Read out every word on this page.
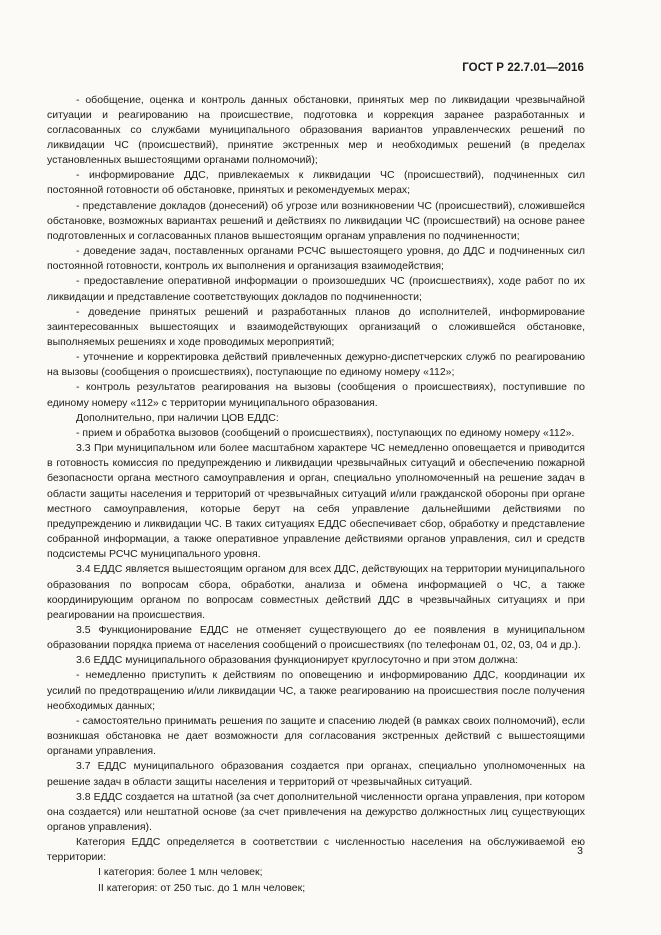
ГОСТ Р 22.7.01—2016

- обобщение, оценка и контроль данных обстановки, принятых мер по ликвидации чрезвычайной ситуации и реагированию на происшествие, подготовка и коррекция заранее разработанных и согласованных со службами муниципального образования вариантов управленческих решений по ликвидации ЧС (происшествий), принятие экстренных мер и необходимых решений (в пределах установленных вышестоящими органами полномочий);

- информирование ДДС, привлекаемых к ликвидации ЧС (происшествий), подчиненных сил постоянной готовности об обстановке, принятых и рекомендуемых мерах;

- представление докладов (донесений) об угрозе или возникновении ЧС (происшествий), сложившейся обстановке, возможных вариантах решений и действиях по ликвидации ЧС (происшествий) на основе ранее подготовленных и согласованных планов вышестоящим органам управления по подчиненности;

- доведение задач, поставленных органами РСЧС вышестоящего уровня, до ДДС и подчиненных сил постоянной готовности, контроль их выполнения и организация взаимодействия;

- предоставление оперативной информации о произошедших ЧС (происшествиях), ходе работ по их ликвидации и представление соответствующих докладов по подчиненности;

- доведение принятых решений и разработанных планов до исполнителей, информирование заинтересованных вышестоящих и взаимодействующих организаций о сложившейся обстановке, выполняемых решениях и ходе проводимых мероприятий;

- уточнение и корректировка действий привлеченных дежурно-диспетчерских служб по реагированию на вызовы (сообщения о происшествиях), поступающие по единому номеру «112»;

- контроль результатов реагирования на вызовы (сообщения о происшествиях), поступившие по единому номеру «112» с территории муниципального образования.

Дополнительно, при наличии ЦОВ ЕДДС:

- прием и обработка вызовов (сообщений о происшествиях), поступающих по единому номеру «112».

3.3 При муниципальном или более масштабном характере ЧС немедленно оповещается и приводится в готовность комиссия по предупреждению и ликвидации чрезвычайных ситуаций и обеспечению пожарной безопасности органа местного самоуправления и орган, специально уполномоченный на решение задач в области защиты населения и территорий от чрезвычайных ситуаций и/или гражданской обороны при органе местного самоуправления, которые берут на себя управление дальнейшими действиями по предупреждению и ликвидации ЧС. В таких ситуациях ЕДДС обеспечивает сбор, обработку и представление собранной информации, а также оперативное управление действиями органов управления, сил и средств подсистемы РСЧС муниципального уровня.

3.4 ЕДДС является вышестоящим органом для всех ДДС, действующих на территории муниципального образования по вопросам сбора, обработки, анализа и обмена информацией о ЧС, а также координирующим органом по вопросам совместных действий ДДС в чрезвычайных ситуациях и при реагировании на происшествия.

3.5 Функционирование ЕДДС не отменяет существующего до ее появления в муниципальном образовании порядка приема от населения сообщений о происшествиях (по телефонам 01, 02, 03, 04 и др.).

3.6 ЕДДС муниципального образования функционирует круглосуточно и при этом должна:

- немедленно приступить к действиям по оповещению и информированию ДДС, координации их усилий по предотвращению и/или ликвидации ЧС, а также реагированию на происшествия после получения необходимых данных;

- самостоятельно принимать решения по защите и спасению людей (в рамках своих полномочий), если возникшая обстановка не дает возможности для согласования экстренных действий с вышестоящими органами управления.

3.7 ЕДДС муниципального образования создается при органах, специально уполномоченных на решение задач в области защиты населения и территорий от чрезвычайных ситуаций.

3.8 ЕДДС создается на штатной (за счет дополнительной численности органа управления, при котором она создается) или нештатной основе (за счет привлечения на дежурство должностных лиц существующих органов управления).

Категория ЕДДС определяется в соответствии с численностью населения на обслуживаемой ею территории:

I категория: более 1 млн человек;

II категория: от 250 тыс. до 1 млн человек;

3
